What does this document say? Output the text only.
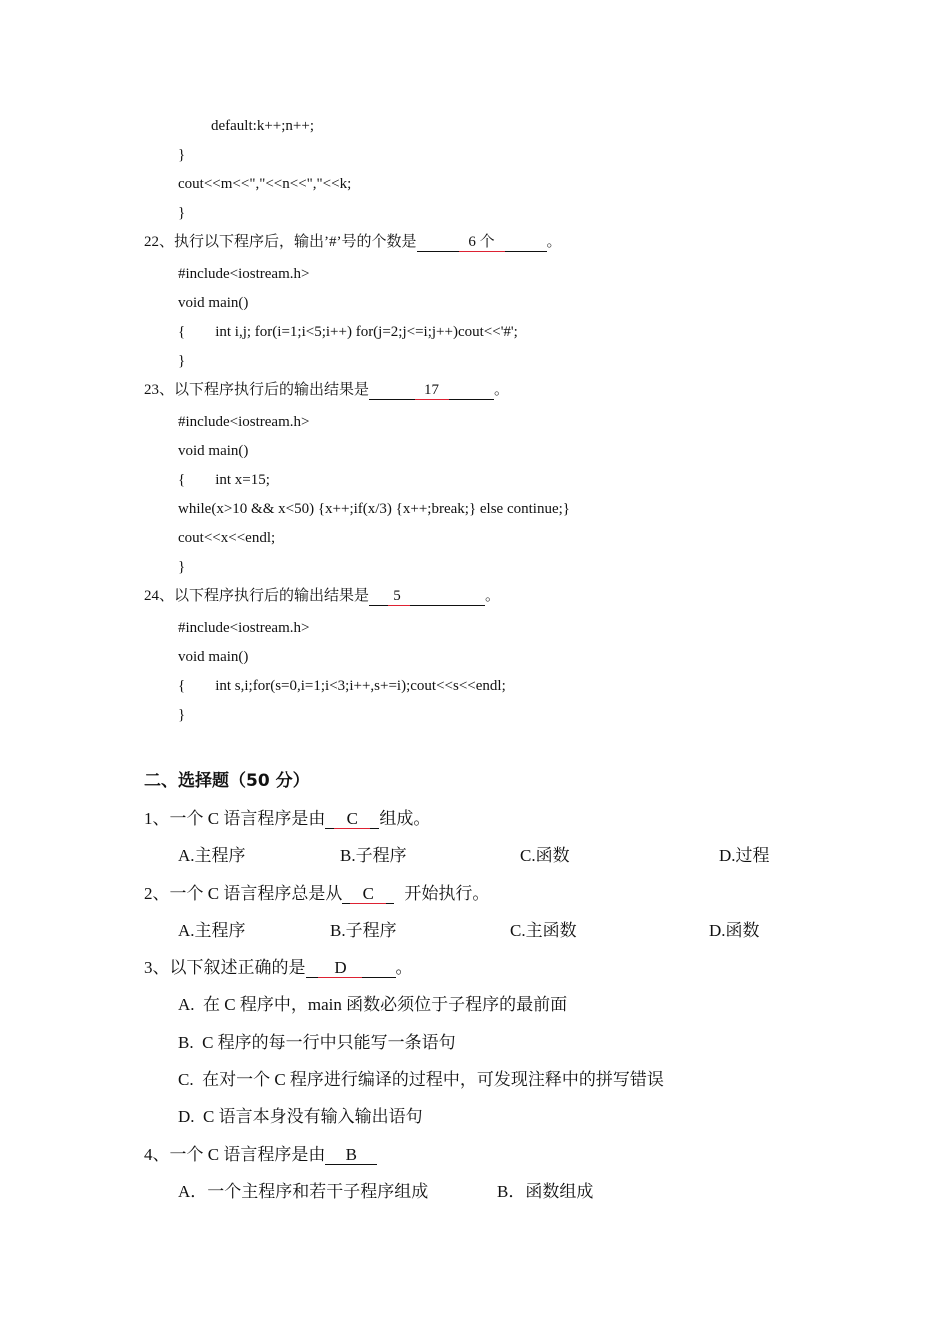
default:k++;n++;
}
cout<<m<<","<<n<<","<<k;
}
22、执行以下程序后，输出’#’号的个数是	6 个	。
#include<iostream.h>
void main()
{        int i,j; for(i=1;i<5;i++) for(j=2;j<=i;j++)cout<<'#';
}
23、以下程序执行后的输出结果是	17	。
#include<iostream.h>
void main()
{        int x=15;
while(x>10 && x<50) {x++;if(x/3) {x++;break;} else continue;}
cout<<x<<endl;
}
24、以下程序执行后的输出结果是 5	。
#include<iostream.h>
void main()
{        int s,i;for(s=0,i=1;i<3;i++,s+=i);cout<<s<<endl;
}
二、选择题（50 分）
1、一个 C 语言程序是由 C 组成。
A.主程序	B.子程序	C.函数	D.过程
2、一个 C 语言程序总是从 C 开始执行。
A.主程序	B.子程序	C.主函数	D.函数
3、以下叙述正确的是 D	。
A.  在 C 程序中，main 函数必须位于子程序的最前面
B.  C 程序的每一行中只能写一条语句
C.  在对一个 C 程序进行编译的过程中，可发现注释中的拼写错误
D.  C 语言本身没有输入输出语句
4、一个 C 语言程序是由 B
A．一个主程序和若干子程序组成	B．函数组成
